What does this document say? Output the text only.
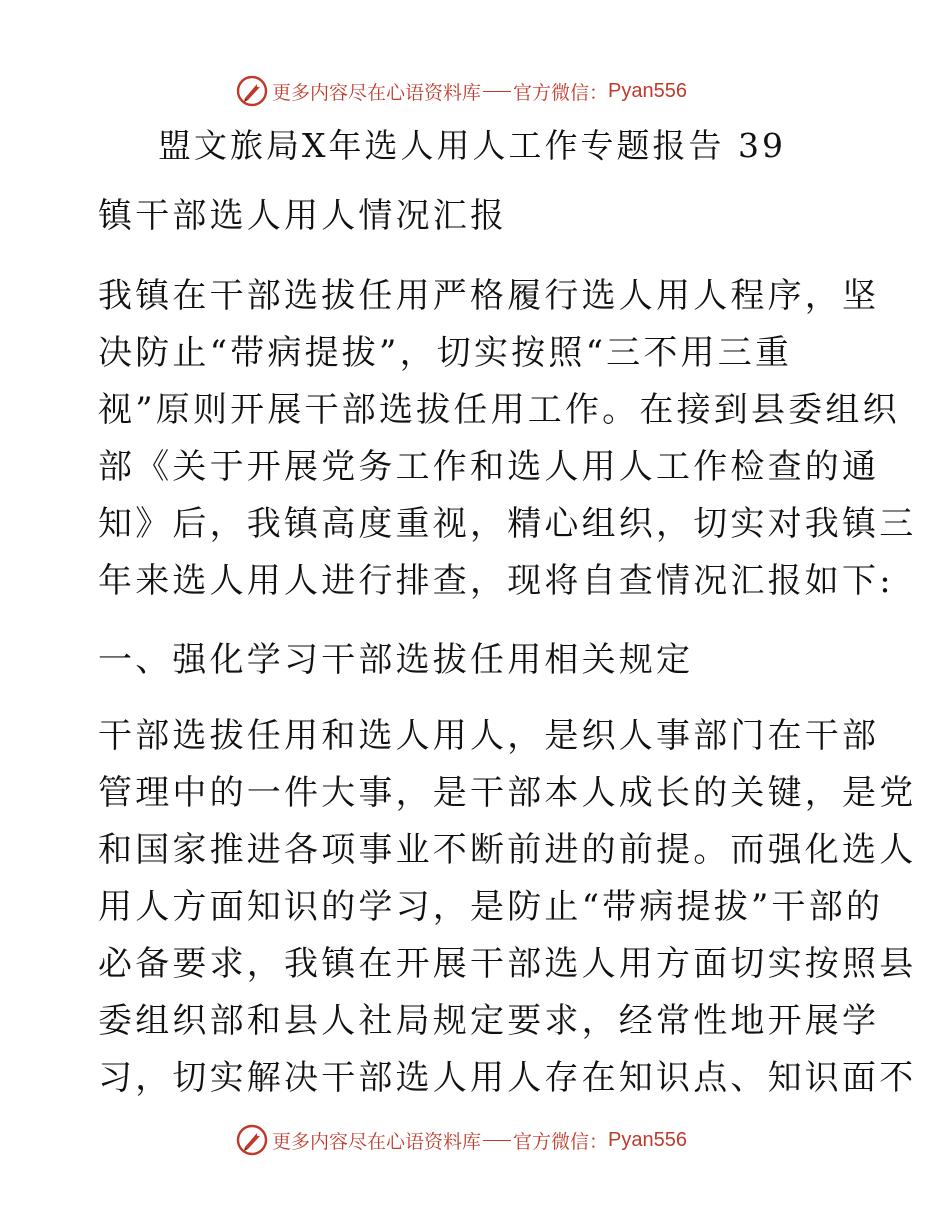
更多内容尽在心语资料库 官方微信： Pyan556
盟文旅局X年选人用人工作专题报告 39
镇干部选人用人情况汇报
我镇在干部选拔任用严格履行选人用人程序，坚
决防止“带病提拔”，切实按照“三不用三重
视”原则开展干部选拔任用工作。在接到县委组织
部《关于开展党务工作和选人用人工作检查的通
知》后，我镇高度重视，精心组织，切实对我镇三
年来选人用人进行排查，现将自查情况汇报如下:
一、强化学习干部选拔任用相关规定
干部选拔任用和选人用人，是织人事部门在干部
管理中的一件大事，是干部本人成长的关键，是党
和国家推进各项事业不断前进的前提。而强化选人
用人方面知识的学习，是防止“带病提拔”干部的
必备要求，我镇在开展干部选人用方面切实按照县
委组织部和县人社局规定要求，经常性地开展学
习，切实解决干部选人用人存在知识点、知识面不
更多内容尽在心语资料库 官方微信： Pyan556
